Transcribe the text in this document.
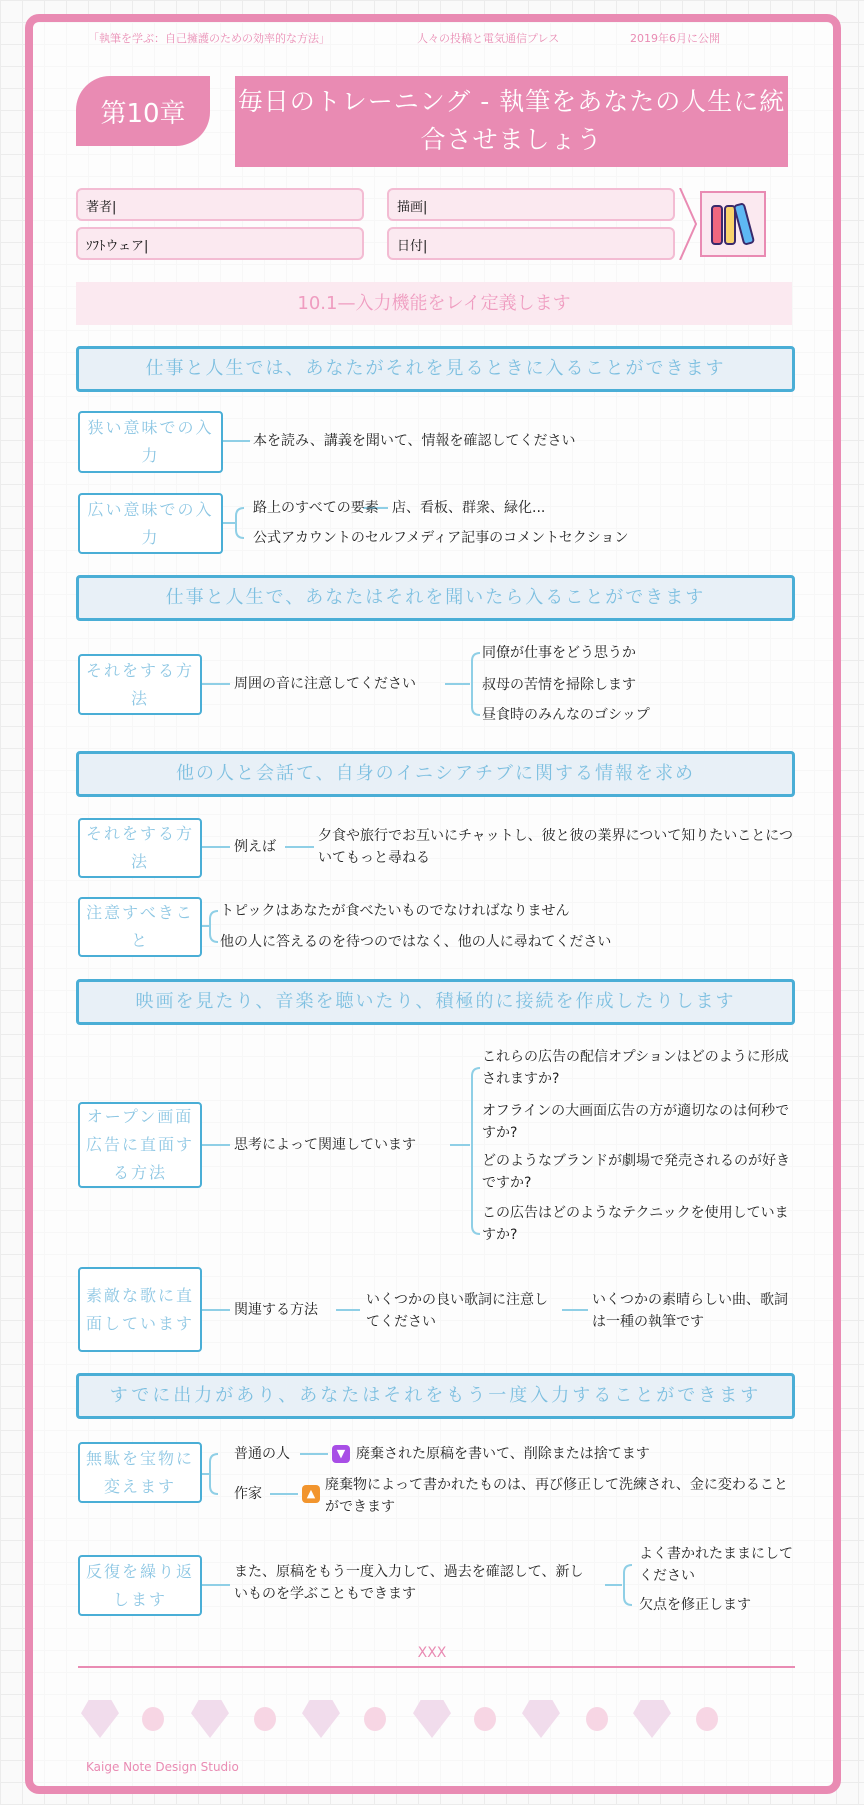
「執筆を学ぶ：自己擁護のための効率的な方法」	人々の投稿と電気通信プレス	2019年6月に公開
第10章	毎日のトレーニング - 執筆をあなたの人生に統合させましょう
著者|	描画|
ｿﾌﾄウェア|	日付|
10.1—入力機能をレイ定義します
仕事と人生では、あなたがそれを見るときに入ることができます
仕事と人生で、あなたはそれを聞いたら入ることができます
他の人と会話て、自身のイニシアチブに関する情報を求め
映画を見たり、音楽を聴いたり、積極的に接続を作成したりします
すでに出力があり、あなたはそれをもう一度入力することができます
狭い意味での入力
本を読み、講義を聞いて、情報を確認してください
広い意味での入力
路上のすべての要素 店、看板、群衆、緑化...
公式アカウントのセルフメディア記事のコメントセクション
それをする方法
周囲の音に注意してください
同僚が仕事をどう思うか
叔母の苦情を掃除します
昼食時のみんなのゴシップ
それをする方法
例えば
夕食や旅行でお互いにチャットし、彼と彼の業界について知りたいことについてもっと尋ねる
注意すべきこと
トピックはあなたが食べたいものでなければなりません
他の人に答えるのを待つのではなく、他の人に尋ねてください
オープン画面広告に直面する方法
思考によって関連しています
これらの広告の配信オプションはどのように形成されますか?
オフラインの大画面広告の方が適切なのは何秒ですか?
どのようなブランドが劇場で発売されるのが好きですか?
この広告はどのようなテクニックを使用していますか?
素敵な歌に直面しています
関連する方法
いくつかの良い歌詞に注意してください
いくつかの素晴らしい曲、歌詞は一種の執筆です
無駄を宝物に変えます
普通の人	▼ 廃棄された原稿を書いて、削除または捨てます
作家	▲
廃棄物によって書かれたものは、再び修正して洗練され、金に変わることができます
反復を繰り返します
また、原稿をもう一度入力して、過去を確認して、新しいものを学ぶこともできます
よく書かれたままにしてください
欠点を修正します
XXX
Kaige Note Design Studio
